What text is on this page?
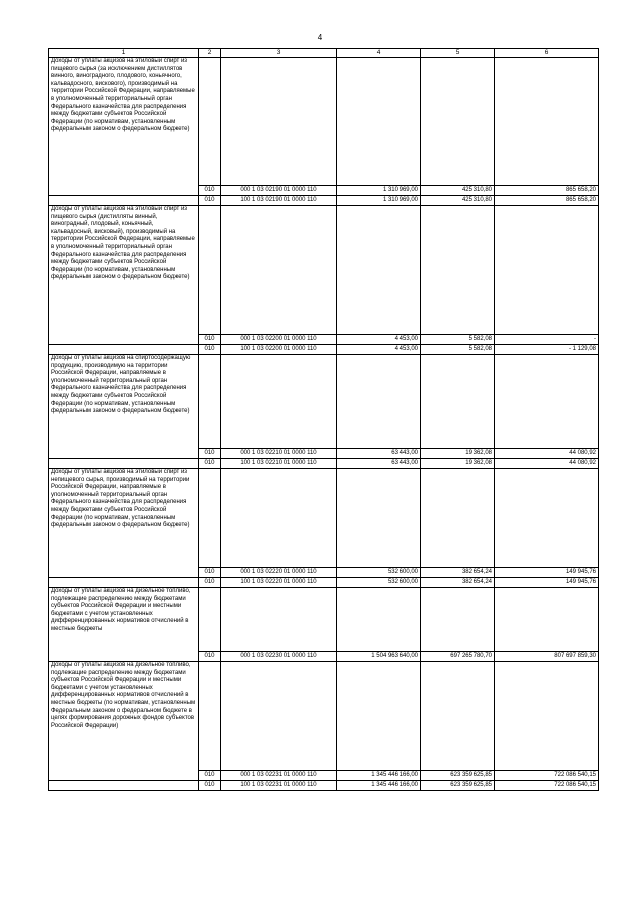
4
1	2	3	4	5	6
Доходы от уплаты акцизов на этиловый спирт из пищевого сырья (за исключением дистиллятов винного, виноградного, плодового, коньячного, кальвадосного, вискового), производимый на территории Российской Федерации, направляемые в уполномоченный территориальный орган Федерального казначейства для распределения между бюджетами субъектов Российской Федерации (по нормативам, установленным федеральным законом о федеральном бюджете)					
	010	000 1 03 02190 01 0000 110	1 310 969,00	425 310,80	865 658,20
	010	100 1 03 02190 01 0000 110	1 310 969,00	425 310,80	865 658,20
Доходы от уплаты акцизов на этиловый спирт из пищевого сырья (дистилляты винный, виноградный, плодовый, коньячный, кальвадосный, висковый), производимый на территории Российской Федерации, направляемые в уполномоченный территориальный орган Федерального казначейства для распределения между бюджетами субъектов Российской Федерации (по нормативам, установленным федеральным законом о федеральном бюджете)					
	010	000 1 03 02200 01 0000 110	4 453,00	5 582,08	-
	010	100 1 03 02200 01 0000 110	4 453,00	5 582,08	- 1 129,08
Доходы от уплаты акцизов на спиртосодержащую продукцию, производимую на территории Российской Федерации, направляемые в уполномоченный территориальный орган Федерального казначейства для распределения между бюджетами субъектов Российской Федерации (по нормативам, установленным федеральным законом о федеральном бюджете)					
	010	000 1 03 02210 01 0000 110	63 443,00	19 362,08	44 080,92
	010	100 1 03 02210 01 0000 110	63 443,00	19 362,08	44 080,92
Доходы от уплаты акцизов на этиловый спирт из непищевого сырья, производимый на территории Российской Федерации, направляемые в уполномоченный территориальный орган Федерального казначейства для распределения между бюджетами субъектов Российской Федерации (по нормативам, установленным федеральным законом о федеральном бюджете)					
	010	000 1 03 02220 01 0000 110	532 600,00	382 654,24	149 945,76
	010	100 1 03 02220 01 0000 110	532 600,00	382 654,24	149 945,76
Доходы от уплаты акцизов на дизельное топливо, подлежащие распределению между бюджетами субъектов Российской Федерации и местными бюджетами с учетом установленных дифференцированных нормативов отчислений в местные бюджеты					
	010	000 1 03 02230 01 0000 110	1 504 963 640,00	697 265 780,70	807 697 859,30
Доходы от уплаты акцизов на дизельное топливо, подлежащие распределению между бюджетами субъектов Российской Федерации и местными бюджетами с учетом установленных дифференцированных нормативов отчислений в местные бюджеты (по нормативам, установленным Федеральным законом о федеральном бюджете в целях формирования дорожных фондов субъектов Российской Федерации)					
	010	000 1 03 02231 01 0000 110	1 345 446 166,00	623 359 625,85	722 086 540,15
	010	100 1 03 02231 01 0000 110	1 345 446 166,00	623 359 625,85	722 086 540,15
